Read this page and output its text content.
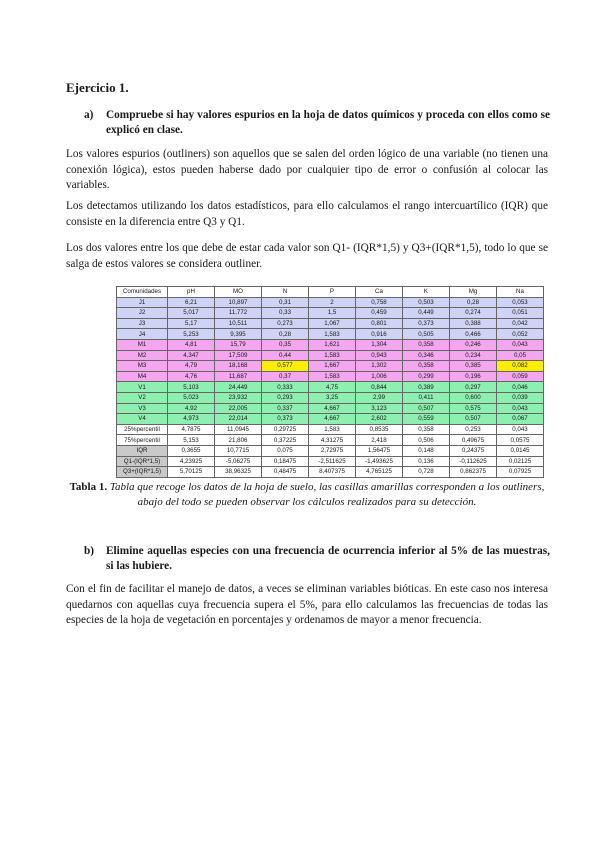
Ejercicio 1.
a) Compruebe si hay valores espurios en la hoja de datos químicos y proceda con ellos como se explicó en clase.
Los valores espurios (outliners) son aquellos que se salen del orden lógico de una variable (no tienen una conexión lógica), estos pueden haberse dado por cualquier tipo de error o confusión al colocar las variables.
Los detectamos utilizando los datos estadísticos, para ello calculamos el rango intercuartílico (IQR) que consiste en la diferencia entre Q3 y Q1.
Los dos valores entre los que debe de estar cada valor son Q1- (IQR*1,5) y Q3+(IQR*1,5), todo lo que se salga de estos valores se considera outliner.
Comunidades	pH	MO	N	P	Ca	K	Mg	Na
J1	6,21	10,897	0,31	2	0,758	0,503	0,28	0,053
J2	5,017	11,772	0,33	1,5	0,459	0,449	0,274	0,051
J3	5,17	10,511	0,273	1,067	0,801	0,373	0,388	0,042
J4	5,253	9,395	0,28	1,583	0,916	0,505	0,466	0,052
M1	4,81	15,79	0,35	1,621	1,304	0,358	0,246	0,043
M2	4,347	17,509	0,44	1,583	0,943	0,346	0,234	0,05
M3	4,79	18,168	0,577	1,667	1,302	0,358	0,385	0,082
M4	4,76	11,687	0,37	1,583	1,006	0,299	0,196	0,059
V1	5,103	24,449	0,333	4,75	0,844	0,389	0,297	0,046
V2	5,023	23,932	0,293	3,25	2,99	0,411	0,600	0,039
V3	4,92	22,005	0,337	4,667	3,123	0,507	0,575	0,043
V4	4,973	22,014	0,373	4,667	2,602	0,559	0,507	0,067
25%percentil	4,7875	11,0945	0,29725	1,583	0,8535	0,358	0,253	0,043
75%percentil	5,153	21,806	0,37225	4,31275	2,418	0,506	0,49675	0,0575
IQR	0,3655	10,7715	0,075	2,72975	1,56475	0,148	0,24375	0,0145
Q1-(IQR*1,5)	4,23925	-5,06275	0,18475	-2,511625	-1,493625	0,136	-0,112625	0,02125
Q3+(IQR*1,5)	5,70125	38,96325	0,48475	8,407375	4,765125	0,728	0,862375	0,07925
Tabla 1. Tabla que recoge los datos de la hoja de suelo, las casillas amarillas corresponden a los outliners, abajo del todo se pueden observar los cálculos realizados para su detección.
b) Elimine aquellas especies con una frecuencia de ocurrencia inferior al 5% de las muestras, si las hubiere.
Con el fin de facilitar el manejo de datos, a veces se eliminan variables bióticas. En este caso nos interesa quedarnos con aquellas cuya frecuencia supera el 5%, para ello calculamos las frecuencias de todas las especies de la hoja de vegetación en porcentajes y ordenamos de mayor a menor frecuencia.
